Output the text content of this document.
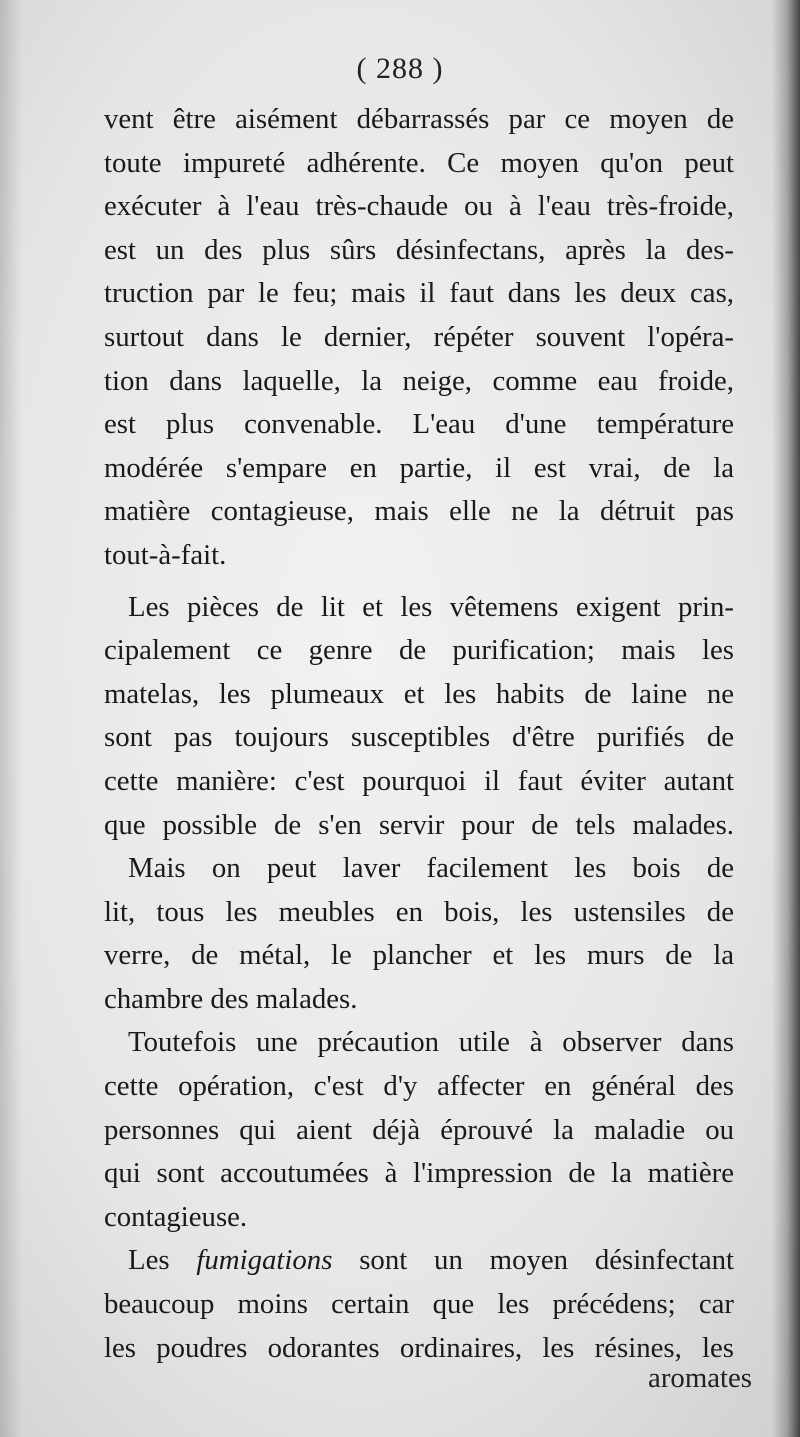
( 288 )
vent être aisément débarrassés par ce moyen de
toute impureté adhérente. Ce moyen qu'on peut
exécuter à l'eau très-chaude ou à l'eau très-froide,
est un des plus sûrs désinfectans, après la des-
truction par le feu; mais il faut dans les deux cas,
surtout dans le dernier, répéter souvent l'opéra-
tion dans laquelle, la neige, comme eau froide,
est plus convenable. L'eau d'une température
modérée s'empare en partie, il est vrai, de la
matière contagieuse, mais elle ne la détruit pas
tout-à-fait.
Les pièces de lit et les vêtemens exigent prin-
cipalement ce genre de purification; mais les
matelas, les plumeaux et les habits de laine ne
sont pas toujours susceptibles d'être purifiés de
cette manière: c'est pourquoi il faut éviter autant
que possible de s'en servir pour de tels malades.
Mais on peut laver facilement les bois de
lit, tous les meubles en bois, les ustensiles de
verre, de métal, le plancher et les murs de la
chambre des malades.
Toutefois une précaution utile à observer dans
cette opération, c'est d'y affecter en général des
personnes qui aient déjà éprouvé la maladie ou
qui sont accoutumées à l'impression de la matière
contagieuse.
Les fumigations sont un moyen désinfectant
beaucoup moins certain que les précédens; car
les poudres odorantes ordinaires, les résines, les
aromates
